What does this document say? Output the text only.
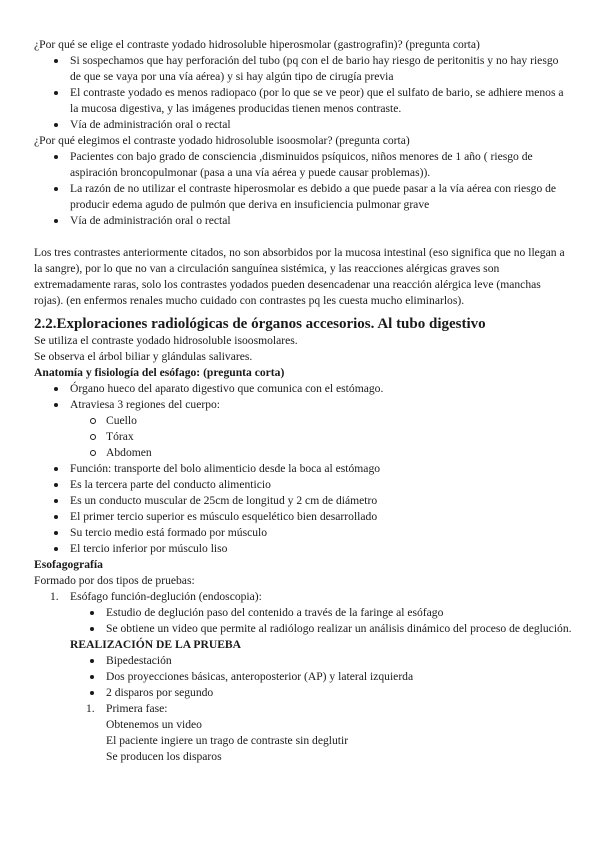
¿Por qué se elige el contraste yodado hidrosoluble hiperosmolar (gastrografin)? (pregunta corta)

Si sospechamos que hay perforación del tubo (pq con el de bario hay riesgo de peritonitis y no hay riesgo de que se vaya por una vía aérea) y si hay algún tipo de cirugía previa
El contraste yodado es menos radiopaco (por lo que se ve peor) que el sulfato de bario, se adhiere menos a la mucosa digestiva, y las imágenes producidas tienen menos contraste.
Vía de administración oral o rectal

¿Por qué elegimos el contraste yodado hidrosoluble isoosmolar? (pregunta corta)

Pacientes con bajo grado de consciencia ,disminuidos psíquicos, niños menores de 1 año ( riesgo de aspiración broncopulmonar (pasa a una vía aérea y puede causar problemas)).
La razón de no utilizar el contraste hiperosmolar es debido a que puede pasar a la vía aérea con riesgo de producir edema agudo de pulmón que deriva en insuficiencia pulmonar grave
Vía de administración oral o rectal

Los tres contrastes anteriormente citados, no son absorbidos por la mucosa intestinal (eso significa que no llegan a la sangre), por lo que no van a circulación sanguínea sistémica, y las reacciones alérgicas graves son extremadamente raras, solo los contrastes yodados pueden desencadenar una reacción alérgica leve (manchas rojas). (en enfermos renales mucho cuidado con contrastes pq les cuesta mucho eliminarlos).

2.2.Exploraciones radiológicas de órganos accesorios. Al tubo digestivo

Se utiliza el contraste yodado hidrosoluble isoosmolares.

Se observa el árbol biliar y glándulas salivares.

Anatomía y fisiología del esófago: (pregunta corta)

Órgano hueco del aparato digestivo que comunica con el estómago.
Atraviesa 3 regiones del cuerpo:
Cuello
Tórax
Abdomen
Función: transporte del bolo alimenticio desde la boca al estómago
Es la tercera parte del conducto alimenticio
Es un conducto muscular de 25cm de longitud y 2 cm de diámetro
El primer tercio superior es músculo esquelético bien desarrollado
Su tercio medio está formado por músculo
El tercio inferior por músculo liso

Esofagografía

Formado por dos tipos de pruebas:

1. Esófago función-deglución (endoscopia):
Estudio de deglución paso del contenido a través de la faringe al esófago
Se obtiene un video que permite al radiólogo realizar un análisis dinámico del proceso de deglución.

REALIZACIÓN DE LA PRUEBA

Bipedestación
Dos proyecciones básicas, anteroposterior (AP) y lateral izquierda
2 disparos por segundo
1. Primera fase:

Obtenemos un video

El paciente ingiere un trago de contraste sin deglutir

Se producen los disparos
